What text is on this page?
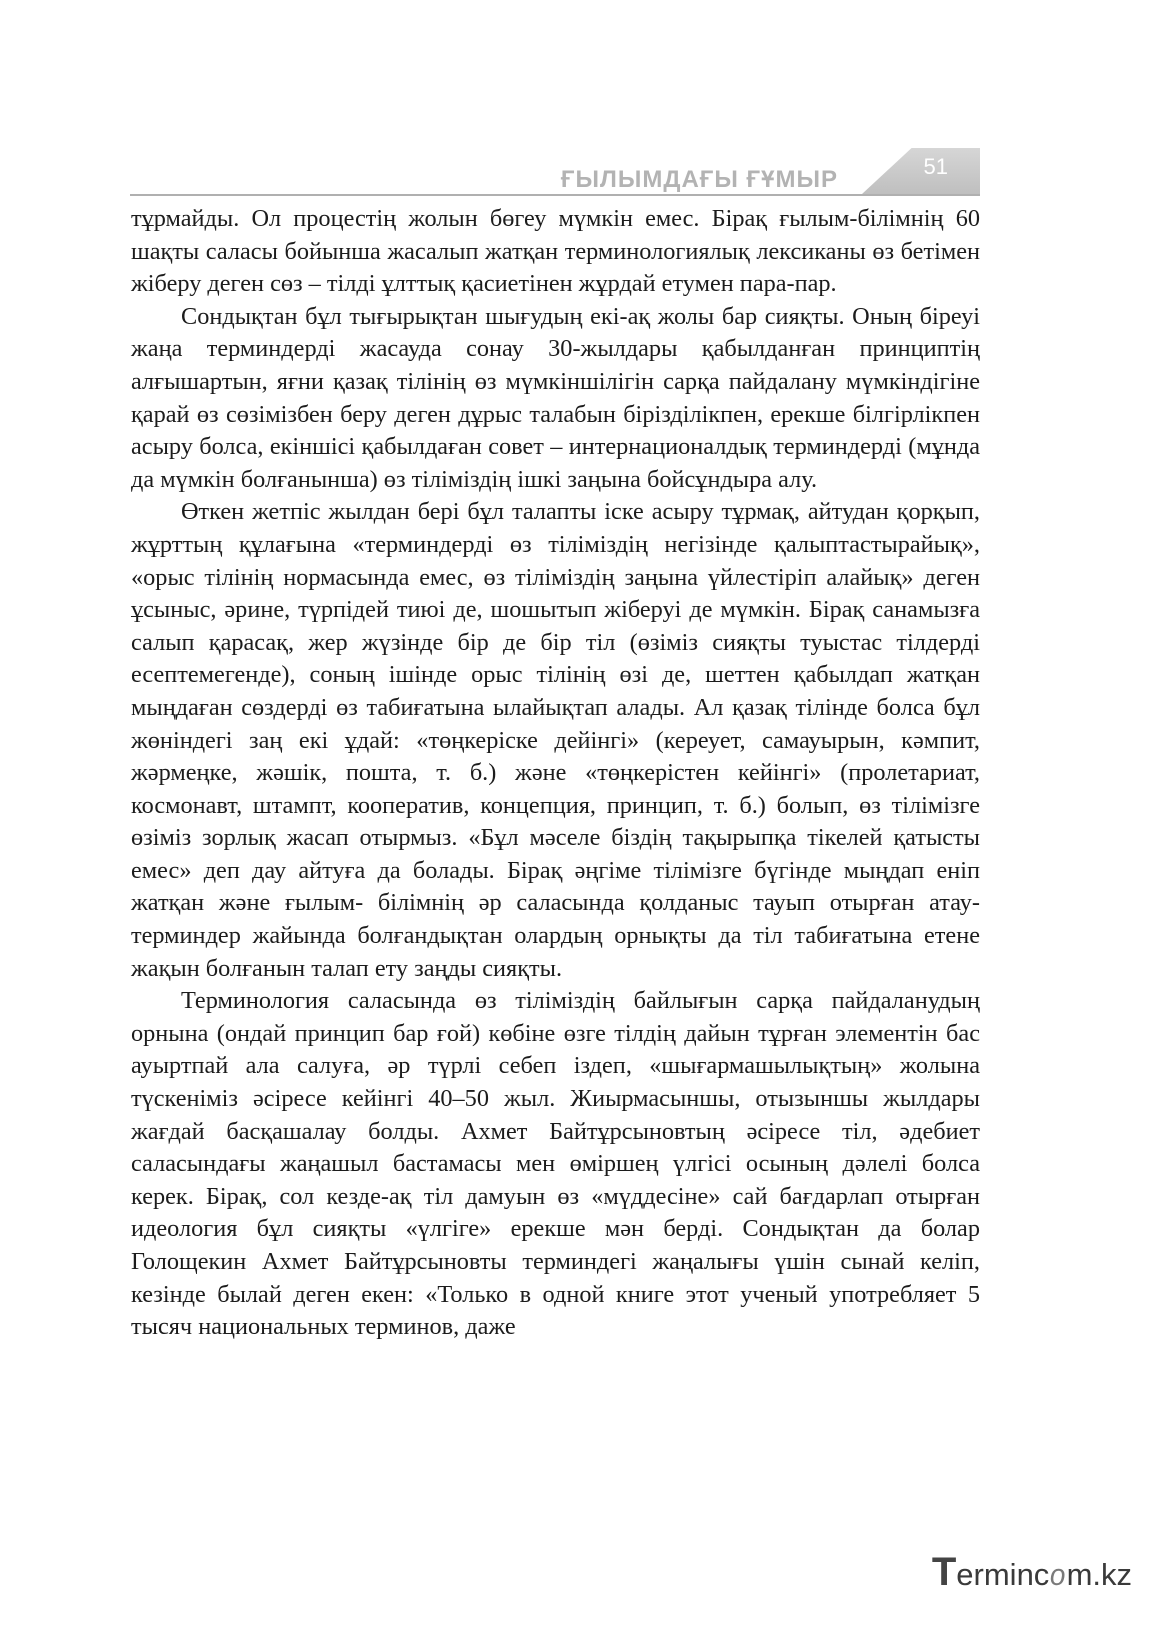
ҒЫЛЫМДАҒЫ ҒҰМЫР	51

тұрмайды. Ол процестің жолын бөгеу мүмкін емес. Бірақ ғылым-білімнің 60 шақты саласы бойынша жасалып жатқан терминологиялық лексиканы өз бетімен жіберу деген сөз – тілді ұлттық қасиетінен жұрдай етумен пара-пар.

Сондықтан бұл тығырықтан шығудың екі-ақ жолы бар сияқты. Оның біреуі жаңа терминдерді жасауда сонау 30-жылдары қабылданған принциптің алғышартын, яғни қазақ тілінің өз мүмкіншілігін сарқа пайдалану мүмкіндігіне қарай өз сөзімізбен беру деген дұрыс талабын бірізділікпен, ерекше білгірлікпен асыру болса, екіншісі қабылдаған совет – интернационалдық терминдерді (мұнда да мүмкін болғанынша) өз тіліміздің ішкі заңына бойсұндыра алу.

Өткен жетпіс жылдан бері бұл талапты іске асыру тұрмақ, айтудан қорқып, жұрттың құлағына «терминдерді өз тіліміздің негізінде қалыптастырайық», «орыс тілінің нормасында емес, өз тіліміздің заңына үйлестіріп алайық» деген ұсыныс, әрине, түрпідей тиюі де, шошытып жіберуі де мүмкін. Бірақ санамызға салып қарасақ, жер жүзінде бір де бір тіл (өзіміз сияқты туыстас тілдерді есептемегенде), соның ішінде орыс тілінің өзі де, шеттен қабылдап жатқан мыңдаған сөздерді өз табиғатына ылайықтап алады. Ал қазақ тілінде болса бұл жөніндегі заң екі ұдай: «төңкеріске дейінгі» (кереует, самауырын, кәмпит, жәрмеңке, жәшік, пошта, т. б.) және «төңкерістен кейінгі» (пролетариат, космонавт, штампт, кооператив, концепция, принцип, т. б.) болып, өз тілімізге өзіміз зорлық жасап отырмыз. «Бұл мәселе біздің тақырыпқа тікелей қатысты емес» деп дау айтуға да болады. Бірақ әңгіме тілімізге бүгінде мыңдап еніп жатқан және ғылым- білімнің әр саласында қолданыс тауып отырған атау-терминдер жайында болғандықтан олардың орнықты да тіл табиғатына етене жақын болғанын талап ету заңды сияқты.

Терминология саласында өз тіліміздің байлығын сарқа пайдаланудың орнына (ондай принцип бар ғой) көбіне өзге тілдің дайын тұрған элементін бас ауыртпай ала салуға, әр түрлі себеп іздеп, «шығармашылықтың» жолына түскеніміз әсіресе кейінгі 40–50 жыл. Жиырмасыншы, отызыншы жылдары жағдай басқашалау болды. Ахмет Байтұрсыновтың әсіресе тіл, әдебиет саласындағы жаңашыл бастамасы мен өміршең үлгісі осының дәлелі болса керек. Бірақ, сол кезде-ақ тіл дамуын өз «мүддесіне» сай бағдарлап отырған идеология бұл сияқты «үлгіге» ерекше мән берді. Сондықтан да болар Голощекин Ахмет Байтұрсыновты терминдегі жаңалығы үшін сынай келіп, кезінде былай деген екен: «Только в одной книге этот ученый употребляет 5 тысяч национальных терминов, даже

Termincom.kz
